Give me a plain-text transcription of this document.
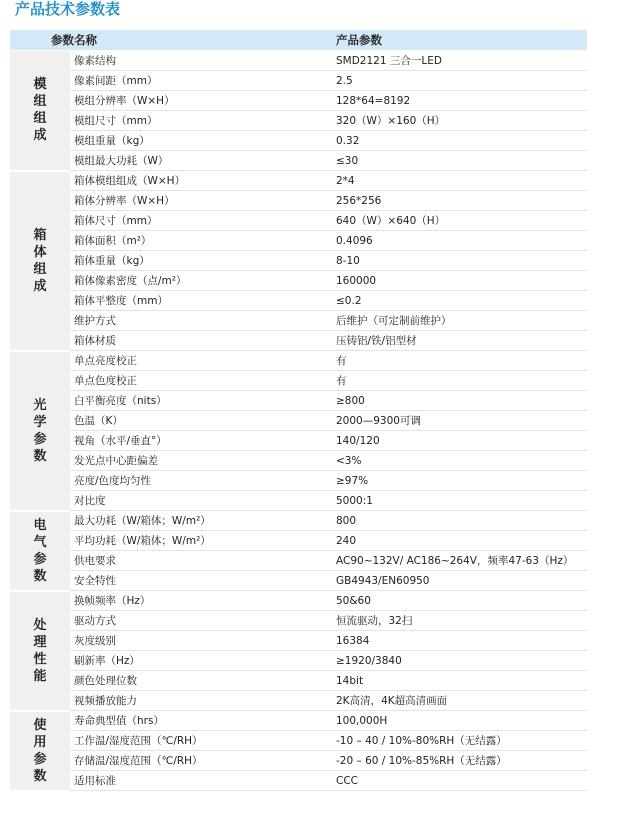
产品技术参数表
参数名称		产品参数
模组组成	像素结构	SMD2121 三合一LED
	像素间距（mm）	2.5
	模组分辨率（W×H）	128*64=8192
	模组尺寸（mm）	320（W）×160（H）
	模组重量（kg）	0.32
	模组最大功耗（W）	≤30
箱体组成	箱体模组组成（W×H）	2*4
	箱体分辨率（W×H）	256*256
	箱体尺寸（mm）	640（W）×640（H）
	箱体面积（m²）	0.4096
	箱体重量（kg）	8-10
	箱体像素密度（点/m²）	160000
	箱体平整度（mm）	≤0.2
	维护方式	后维护（可定制前维护）
	箱体材质	压铸铝/铁/铝型材
光学参数	单点亮度校正	有
	单点色度校正	有
	白平衡亮度（nits）	≥800
	色温（K）	2000—9300可调
	视角（水平/垂直°）	140/120
	发光点中心距偏差	<3%
	亮度/色度均匀性	≥97%
	对比度	5000:1
电气参数	最大功耗（W/箱体；W/m²）	800
	平均功耗（W/箱体；W/m²）	240
	供电要求	AC90~132V/ AC186~264V，频率47-63（Hz）
	安全特性	GB4943/EN60950
处理性能	换帧频率（Hz）	50&60
	驱动方式	恒流驱动，32扫
	灰度级别	16384
	刷新率（Hz）	≥1920/3840
	颜色处理位数	14bit
	视频播放能力	2K高清，4K超高清画面
使用参数	寿命典型值（hrs）	100,000H
	工作温/湿度范围（℃/RH）	-10 – 40 / 10%-80%RH（无结露）
	存储温/湿度范围（℃/RH）	-20 – 60 / 10%-85%RH（无结露）
	适用标准	CCC
